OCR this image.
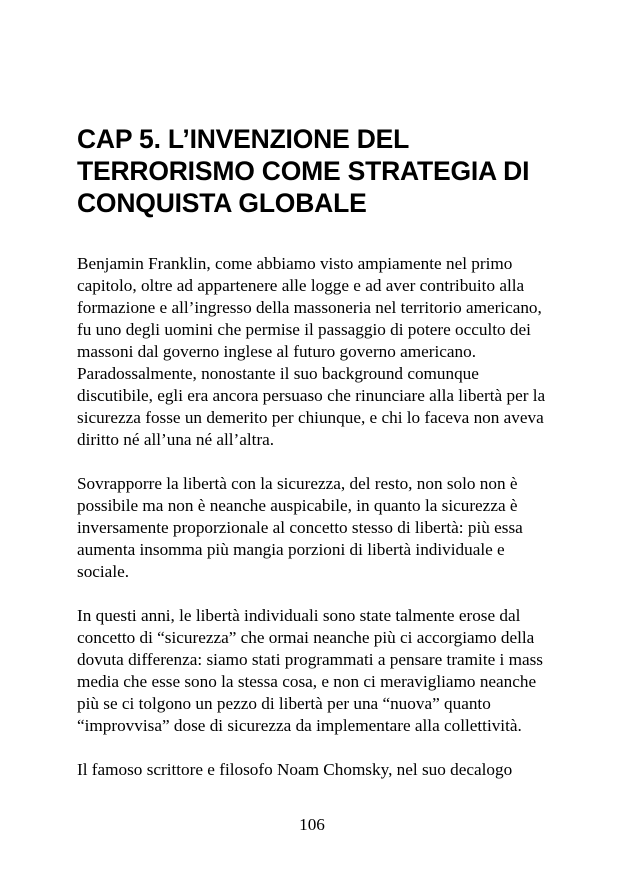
CAP 5. L’INVENZIONE DEL TERRORISMO COME STRATEGIA DI CONQUISTA GLOBALE

Benjamin Franklin, come abbiamo visto ampiamente nel primo capitolo, oltre ad appartenere alle logge e ad aver contribuito alla formazione e all’ingresso della massoneria nel territorio americano, fu uno degli uomini che permise il passaggio di potere occulto dei massoni dal governo inglese al futuro governo americano. Paradossalmente, nonostante il suo background comunque discutibile, egli era ancora persuaso che rinunciare alla libertà per la sicurezza fosse un demerito per chiunque, e chi lo faceva non aveva diritto né all’una né all’altra.

Sovrapporre la libertà con la sicurezza, del resto, non solo non è possibile ma non è neanche auspicabile, in quanto la sicurezza è inversamente proporzionale al concetto stesso di libertà: più essa aumenta insomma più mangia porzioni di libertà individuale e sociale.

In questi anni, le libertà individuali sono state talmente erose dal concetto di “sicurezza” che ormai neanche più ci accorgiamo della dovuta differenza: siamo stati programmati a pensare tramite i mass media che esse sono la stessa cosa, e non ci meravigliamo neanche più se ci tolgono un pezzo di libertà per una “nuova” quanto “improvvisa” dose di sicurezza da implementare alla collettività.

Il famoso scrittore e filosofo Noam Chomsky, nel suo decalogo

106
